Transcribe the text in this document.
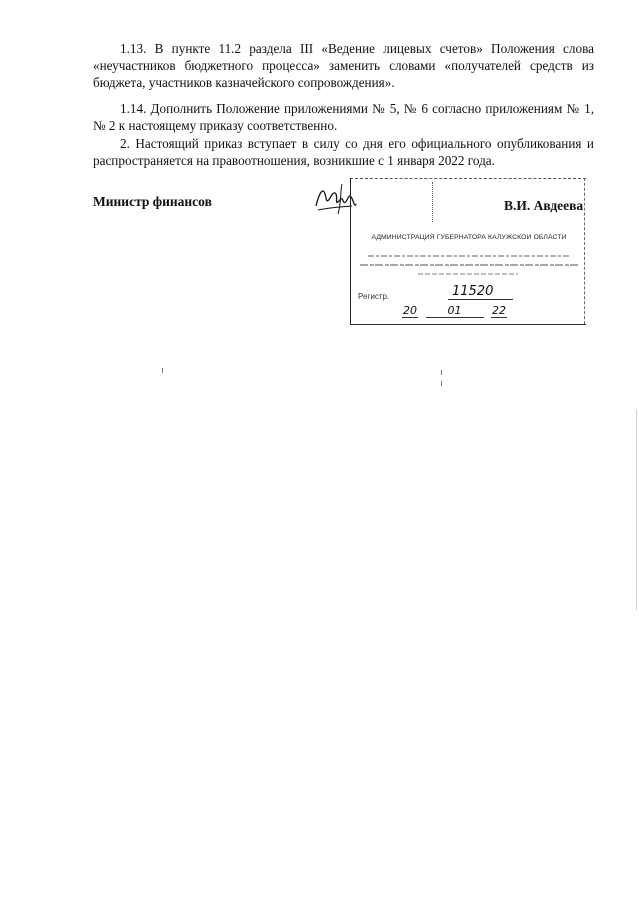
1.13. В пункте 11.2 раздела III «Ведение лицевых счетов» Положения слова «неучастников бюджетного процесса» заменить словами «получателей средств из бюджета, участников казначейского сопровождения».

1.14. Дополнить Положение приложениями № 5, № 6 согласно приложениям № 1, № 2 к настоящему приказу соответственно.

2. Настоящий приказ вступает в силу со дня его официального опубликования и распространяется на правоотношения, возникшие с 1 января 2022 года.

Министр финансов
АДМИНИСТРАЦИЯ ГУБЕРНАТОРА КАЛУЖСКОЙ ОБЛАСТИ
Регистр.	11520
20	01	22
В.И. Авдеева
